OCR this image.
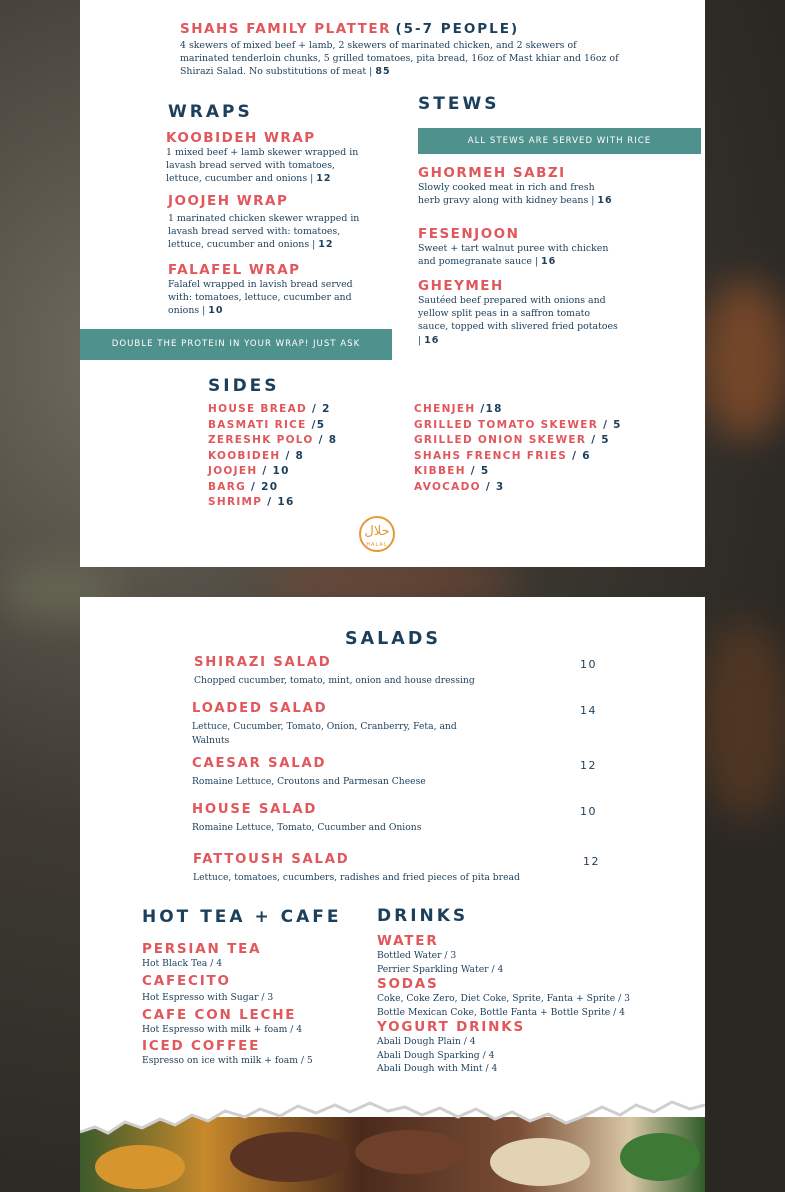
SHAHS FAMILY PLATTER (5-7 PEOPLE)
4 skewers of mixed beef + lamb, 2 skewers of marinated chicken, and 2 skewers of marinated tenderloin chunks, 5 grilled tomatoes, pita bread, 16oz of Mast khiar and 16oz of Shirazi Salad. No substitutions of meat | 85
WRAPS
KOOBIDEH WRAP
1 mixed beef + lamb skewer wrapped in lavash bread served with tomatoes, lettuce, cucumber and onions | 12
JOOJEH WRAP
1 marinated chicken skewer wrapped in lavash bread served with: tomatoes, lettuce, cucumber and onions | 12
FALAFEL WRAP
Falafel wrapped in lavish bread served with: tomatoes, lettuce, cucumber and onions | 10
DOUBLE THE PROTEIN IN YOUR WRAP! JUST ASK
STEWS
ALL STEWS ARE SERVED WITH RICE
GHORMEH SABZI
Slowly cooked meat in rich and fresh herb gravy along with kidney beans | 16
FESENJOON
Sweet + tart walnut puree with chicken and pomegranate sauce | 16
GHEYMEH
Sautéed beef prepared with onions and yellow split peas in a saffron tomato sauce, topped with slivered fried potatoes | 16
SIDES
HOUSE BREAD / 2
BASMATI RICE /5
ZERESHK POLO / 8
KOOBIDEH / 8
JOOJEH / 10
BARG / 20
SHRIMP / 16
CHENJEH /18
GRILLED TOMATO SKEWER / 5
GRILLED ONION SKEWER / 5
SHAHS FRENCH FRIES / 6
KIBBEH / 5
AVOCADO / 3
حلال
HALAL
SALADS
SHIRAZI SALAD
Chopped cucumber, tomato, mint, onion and house dressing
10
LOADED SALAD
Lettuce, Cucumber, Tomato, Onion, Cranberry, Feta, and Walnuts
14
CAESAR SALAD
Romaine Lettuce, Croutons and Parmesan Cheese
12
HOUSE SALAD
Romaine Lettuce, Tomato, Cucumber and Onions
10
FATTOUSH SALAD
Lettuce, tomatoes, cucumbers, radishes and fried pieces of pita bread
12
HOT TEA + CAFE
PERSIAN TEA
Hot Black Tea / 4
CAFECITO
Hot Espresso with Sugar / 3
CAFE CON LECHE
Hot Espresso with milk + foam / 4
ICED COFFEE
Espresso on ice with milk + foam / 5
DRINKS
WATER
Bottled Water / 3
Perrier Sparkling Water / 4
SODAS
Coke, Coke Zero, Diet Coke, Sprite, Fanta + Sprite / 3
Bottle Mexican Coke, Bottle Fanta + Bottle Sprite / 4
YOGURT DRINKS
Abali Dough Plain / 4
Abali Dough Sparking / 4
Abali Dough with Mint / 4
